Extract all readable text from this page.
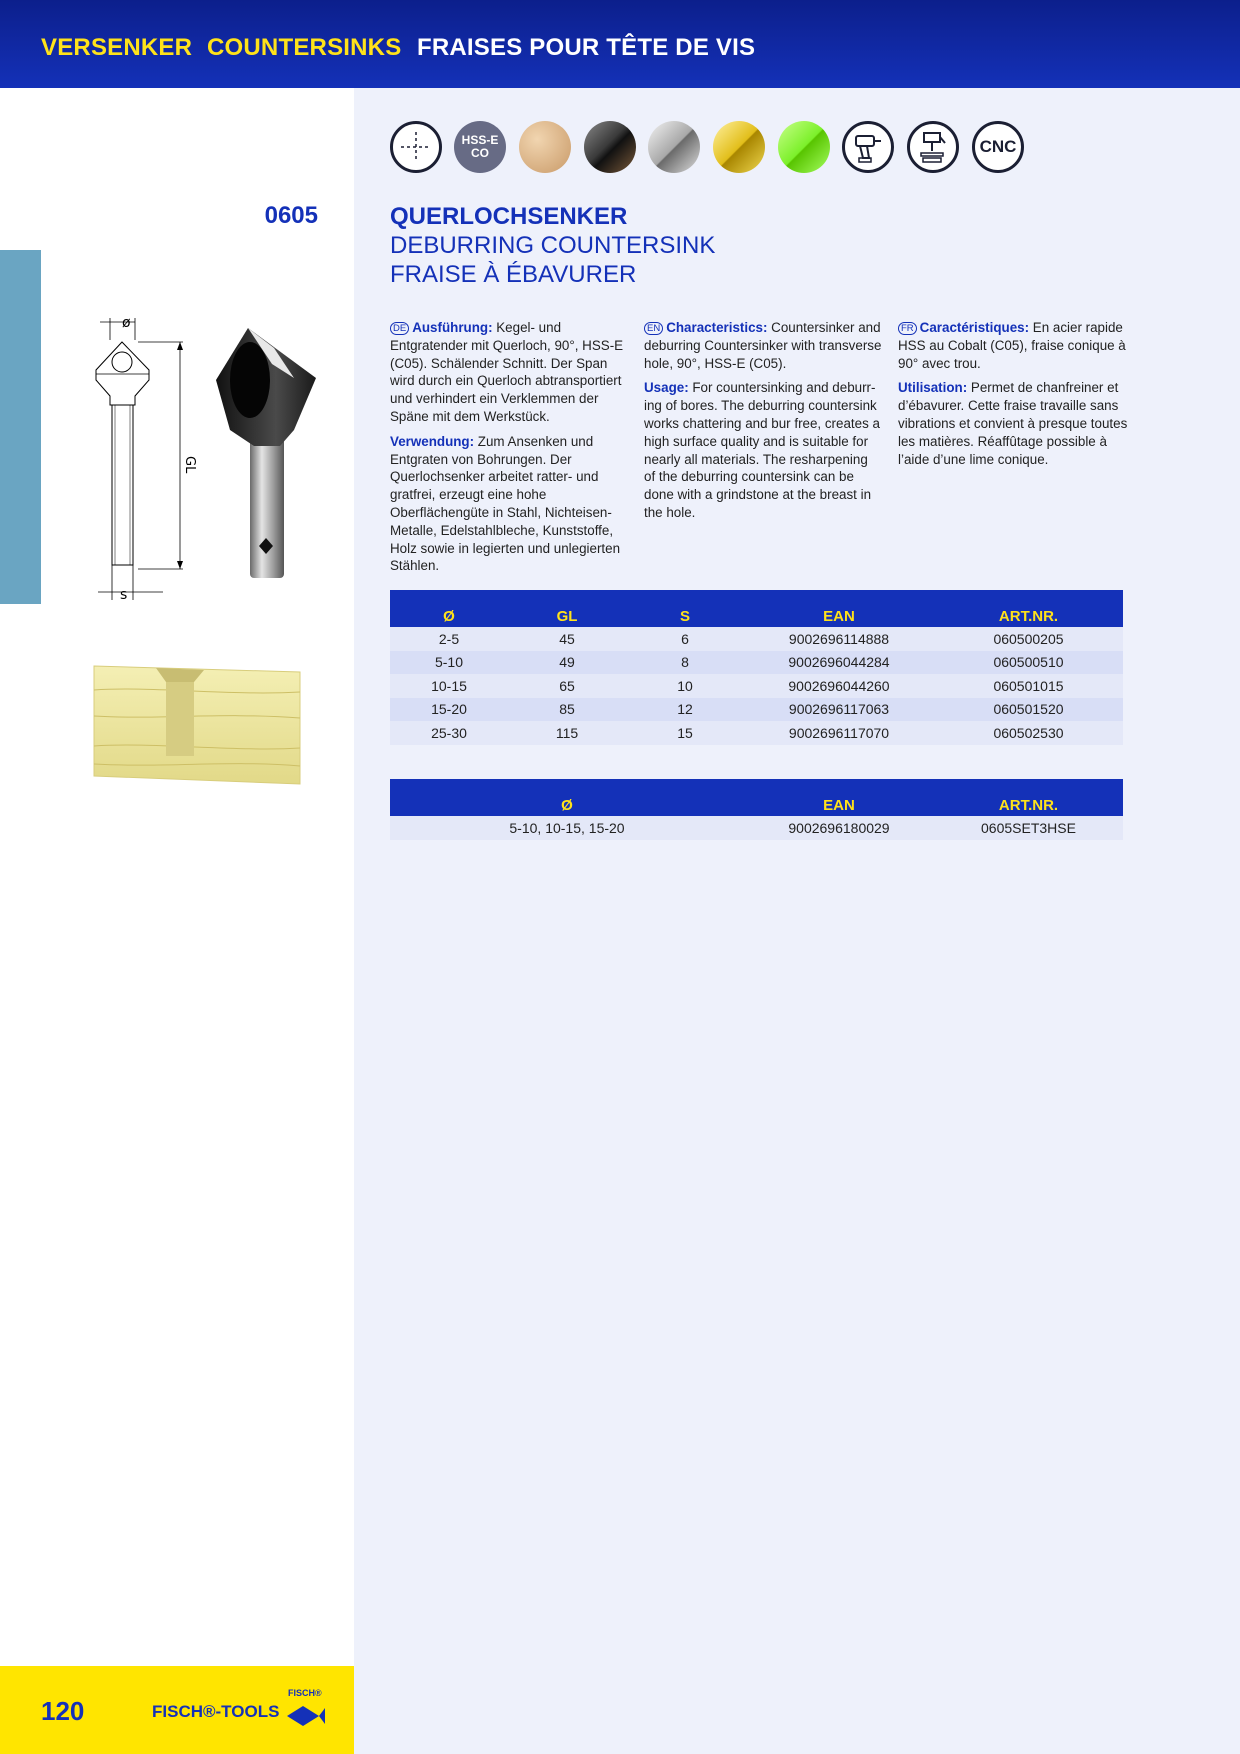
VERSENKER COUNTERSINKS FRAISES POUR TÊTE DE VIS
HSS-E
CO	CNC
0605	QUERLOCHSENKER
DEBURRING COUNTERSINK
FRAISE À ÉBAVURER
ø
GL
s

DE Ausführung: Kegel- und Entgratender mit Querloch, 90°, HSS-E (C05). Schälender Schnitt. Der Span wird durch ein Querloch abtransportiert und verhindert ein Verklemmen der Späne mit dem Werkstück.

Verwendung: Zum Ansenken und Entgraten von Bohrungen. Der Querlochsenker arbeitet ratter- und gratfrei, erzeugt eine hohe Oberflächengüte in Stahl, Nichteisen-Metalle, Edelstahlbleche, Kunststoffe, Holz sowie in legierten und unlegierten Stählen.

EN Characteristics: Countersinker and deburring Countersinker with transverse hole, 90°, HSS-E (C05).

Usage: For countersinking and deburring of bores. The deburring countersink works chattering and bur free, creates a high surface quality and is suitable for nearly all materials. The resharpening of the deburring countersink can be done with a grindstone at the breast in the hole.

FR Caractéristiques: En acier rapide HSS au Cobalt (C05), fraise conique à 90° avec trou.

Utilisation: Permet de chanfreiner et d’ébavurer. Cette fraise travaille sans vibrations et convient à presque toutes les matières. Réaffûtage possible à l’aide d’une lime conique.

Ø	GL	S	EAN	ART.NR.
2-5	45	6	9002696114888	060500205
5-10	49	8	9002696044284	060500510
10-15	65	10	9002696044260	060501015
15-20	85	12	9002696117063	060501520
25-30	115	15	9002696117070	060502530
Ø	EAN	ART.NR.
5-10, 10-15, 15-20	9002696180029	0605SET3HSE
120	FISCH®-TOOLS
FISCH®
